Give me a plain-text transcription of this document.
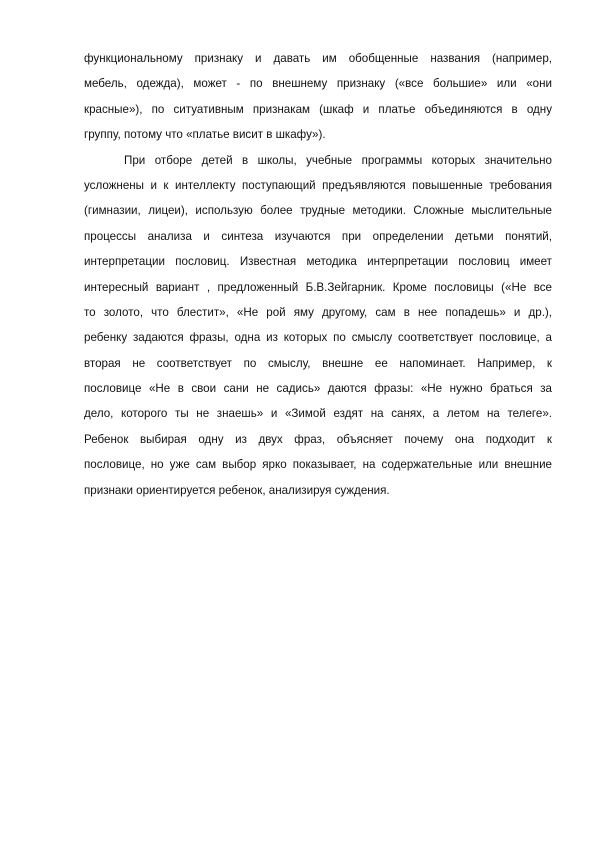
функциональному признаку и давать им обобщенные названия (например,
мебель, одежда), может - по внешнему признаку («все большие» или «они
красные»), по ситуативным признакам (шкаф и платье объединяются в одну
группу, потому что «платье висит в шкафу»).
При отборе детей в школы, учебные программы которых значительно
усложнены и к интеллекту поступающий предъявляются повышенные требования
(гимназии, лицеи), использую более трудные методики. Сложные мыслительные
процессы анализа и синтеза изучаются при определении детьми понятий,
интерпретации пословиц. Известная методика интерпретации пословиц имеет
интересный вариант , предложенный Б.В.Зейгарник. Кроме пословицы («Не все
то золото, что блестит», «Не рой яму другому, сам в нее попадешь» и др.),
ребенку задаются фразы, одна из которых по смыслу соответствует пословице, а
вторая не соответствует по смыслу, внешне ее напоминает. Например, к
пословице «Не в свои сани не садись» даются фразы: «Не нужно браться за
дело, которого ты не знаешь» и «Зимой ездят на санях, а летом на телеге».
Ребенок выбирая одну из двух фраз, объясняет почему она подходит к
пословице, но уже сам выбор ярко показывает, на содержательные или внешние
признаки ориентируется ребенок, анализируя суждения.
